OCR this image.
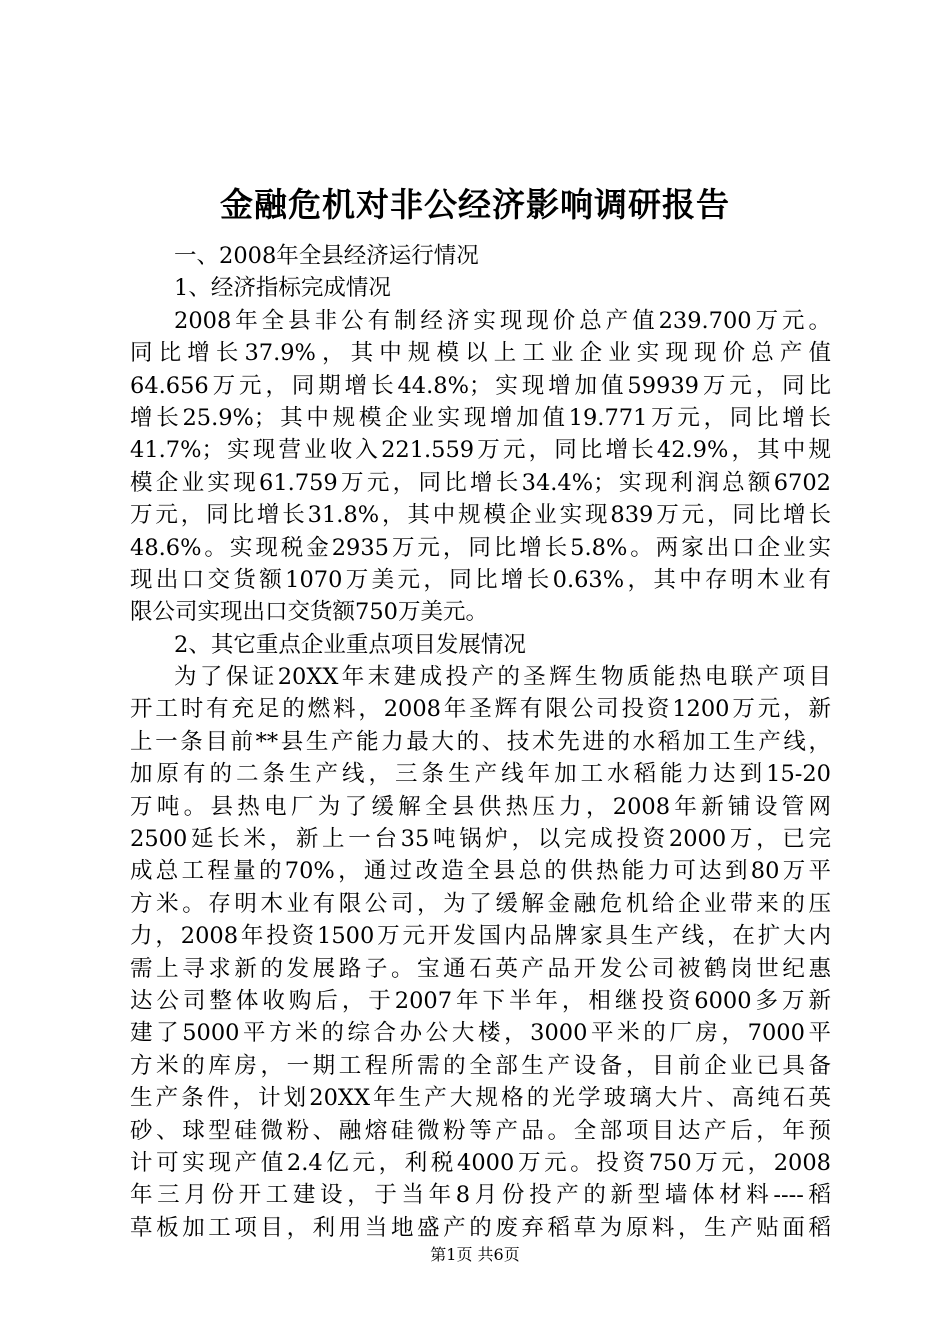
金融危机对非公经济影响调研报告
一、2008年全县经济运行情况
1、经济指标完成情况
2008年全县非公有制经济实现现价总产值239.700万元。
同比增长37.9%，其中规模以上工业企业实现现价总产值
64.656万元，同期增长44.8%；实现增加值59939万元，同比
增长25.9%；其中规模企业实现增加值19.771万元，同比增长
41.7%；实现营业收入221.559万元，同比增长42.9%，其中规
模企业实现61.759万元，同比增长34.4%；实现利润总额6702
万元，同比增长31.8%，其中规模企业实现839万元，同比增长
48.6%。实现税金2935万元，同比增长5.8%。两家出口企业实
现出口交货额1070万美元，同比增长0.63%，其中存明木业有
限公司实现出口交货额750万美元。
2、其它重点企业重点项目发展情况
为了保证20XX年末建成投产的圣辉生物质能热电联产项目
开工时有充足的燃料，2008年圣辉有限公司投资1200万元，新
上一条目前**县生产能力最大的、技术先进的水稻加工生产线，
加原有的二条生产线，三条生产线年加工水稻能力达到15-20
万吨。县热电厂为了缓解全县供热压力，2008年新铺设管网
2500延长米，新上一台35吨锅炉，以完成投资2000万，已完
成总工程量的70%，通过改造全县总的供热能力可达到80万平
方米。存明木业有限公司，为了缓解金融危机给企业带来的压
力，2008年投资1500万元开发国内品牌家具生产线，在扩大内
需上寻求新的发展路子。宝通石英产品开发公司被鹤岗世纪惠
达公司整体收购后，于2007年下半年，相继投资6000多万新
建了5000平方米的综合办公大楼，3000平米的厂房，7000平
方米的库房，一期工程所需的全部生产设备，目前企业已具备
生产条件，计划20XX年生产大规格的光学玻璃大片、高纯石英
砂、球型硅微粉、融熔硅微粉等产品。全部项目达产后，年预
计可实现产值2.4亿元，利税4000万元。投资750万元，2008
年三月份开工建设，于当年8月份投产的新型墙体材料----稻
草板加工项目，利用当地盛产的废弃稻草为原料，生产贴面稻
第1页 共6页
